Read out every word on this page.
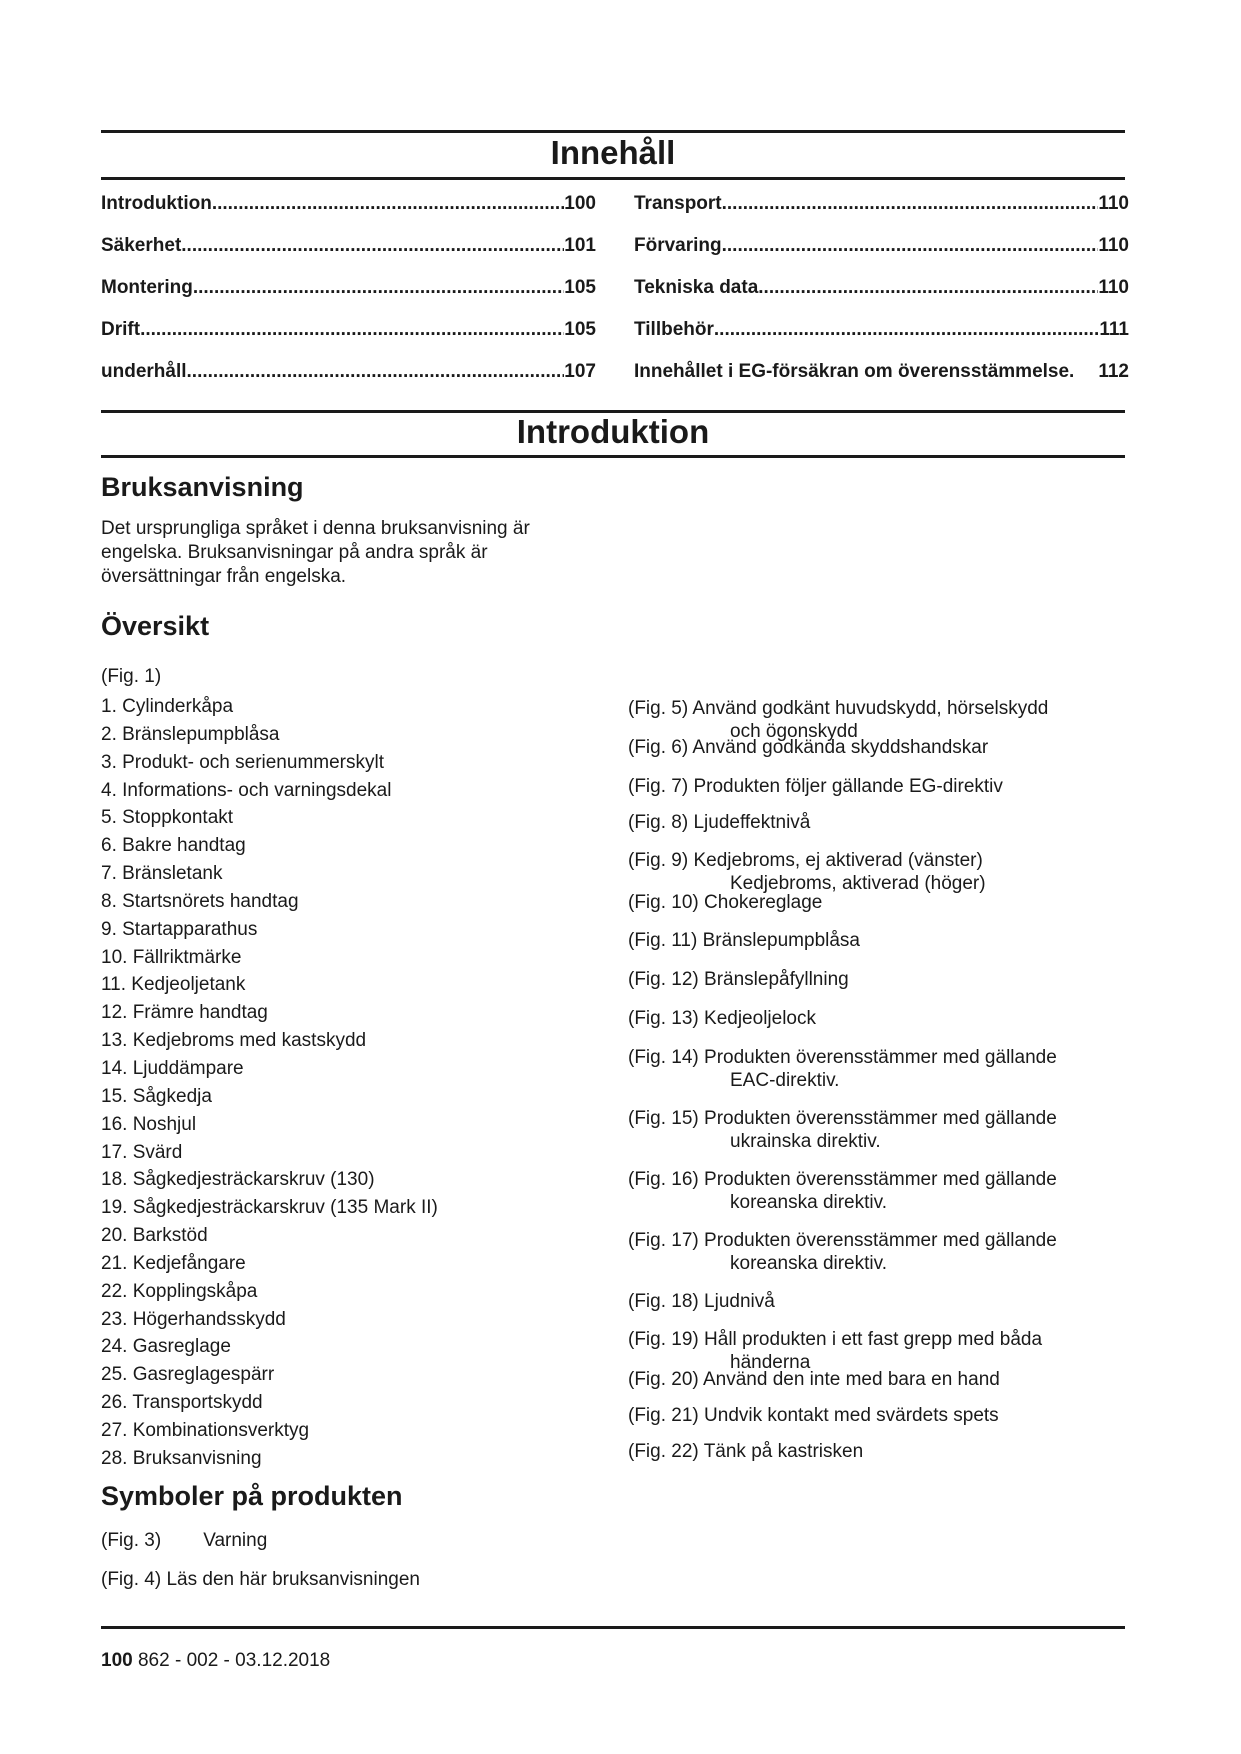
Innehåll
Introduktion .....	100
Säkerhet .....	101
Montering .....	105
Drift .....	105
underhåll .....	107
Transport .....	110
Förvaring .....	110
Tekniska data .....	110
Tillbehör .....	111
Innehållet i EG-försäkran om överensstämmelse. 112
Introduktion
Bruksanvisning

Det ursprungliga språket i denna bruksanvisning är engelska. Bruksanvisningar på andra språk är översättningar från engelska.

Översikt
(Fig. 1)
1. Cylinderkåpa
2. Bränslepumpblåsa
3. Produkt- och serienummerskylt
4. Informations- och varningsdekal
5. Stoppkontakt
6. Bakre handtag
7. Bränsletank
8. Startsnörets handtag
9. Startapparathus
10. Fällriktmärke
11. Kedjeoljetank
12. Främre handtag
13. Kedjebroms med kastskydd
14. Ljuddämpare
15. Sågkedja
16. Noshjul
17. Svärd
18. Sågkedjesträckarskruv (130)
19. Sågkedjesträckarskruv (135 Mark II)
20. Barkstöd
21. Kedjefångare
22. Kopplingskåpa
23. Högerhandsskydd
24. Gasreglage
25. Gasreglagespärr
26. Transportskydd
27. Kombinationsverktyg
28. Bruksanvisning
Symboler på produkten
(Fig. 3) Varning
(Fig. 4) Läs den här bruksanvisningen
(Fig. 5) Använd godkänt huvudskydd, hörselskydd
och ögonskydd
(Fig. 6) Använd godkända skyddshandskar
(Fig. 7) Produkten följer gällande EG-direktiv
(Fig. 8) Ljudeffektnivå
(Fig. 9) Kedjebroms, ej aktiverad (vänster)
Kedjebroms, aktiverad (höger)
(Fig. 10) Chokereglage
(Fig. 11) Bränslepumpblåsa
(Fig. 12) Bränslepåfyllning
(Fig. 13) Kedjeoljelock
(Fig. 14) Produkten överensstämmer med gällande
EAC-direktiv.
(Fig. 15) Produkten överensstämmer med gällande
ukrainska direktiv.
(Fig. 16) Produkten överensstämmer med gällande
koreanska direktiv.
(Fig. 17) Produkten överensstämmer med gällande
koreanska direktiv.
(Fig. 18) Ljudnivå
(Fig. 19) Håll produkten i ett fast grepp med båda
händerna
(Fig. 20) Använd den inte med bara en hand
(Fig. 21) Undvik kontakt med svärdets spets
(Fig. 22) Tänk på kastrisken
100 862 - 002 - 03.12.2018
